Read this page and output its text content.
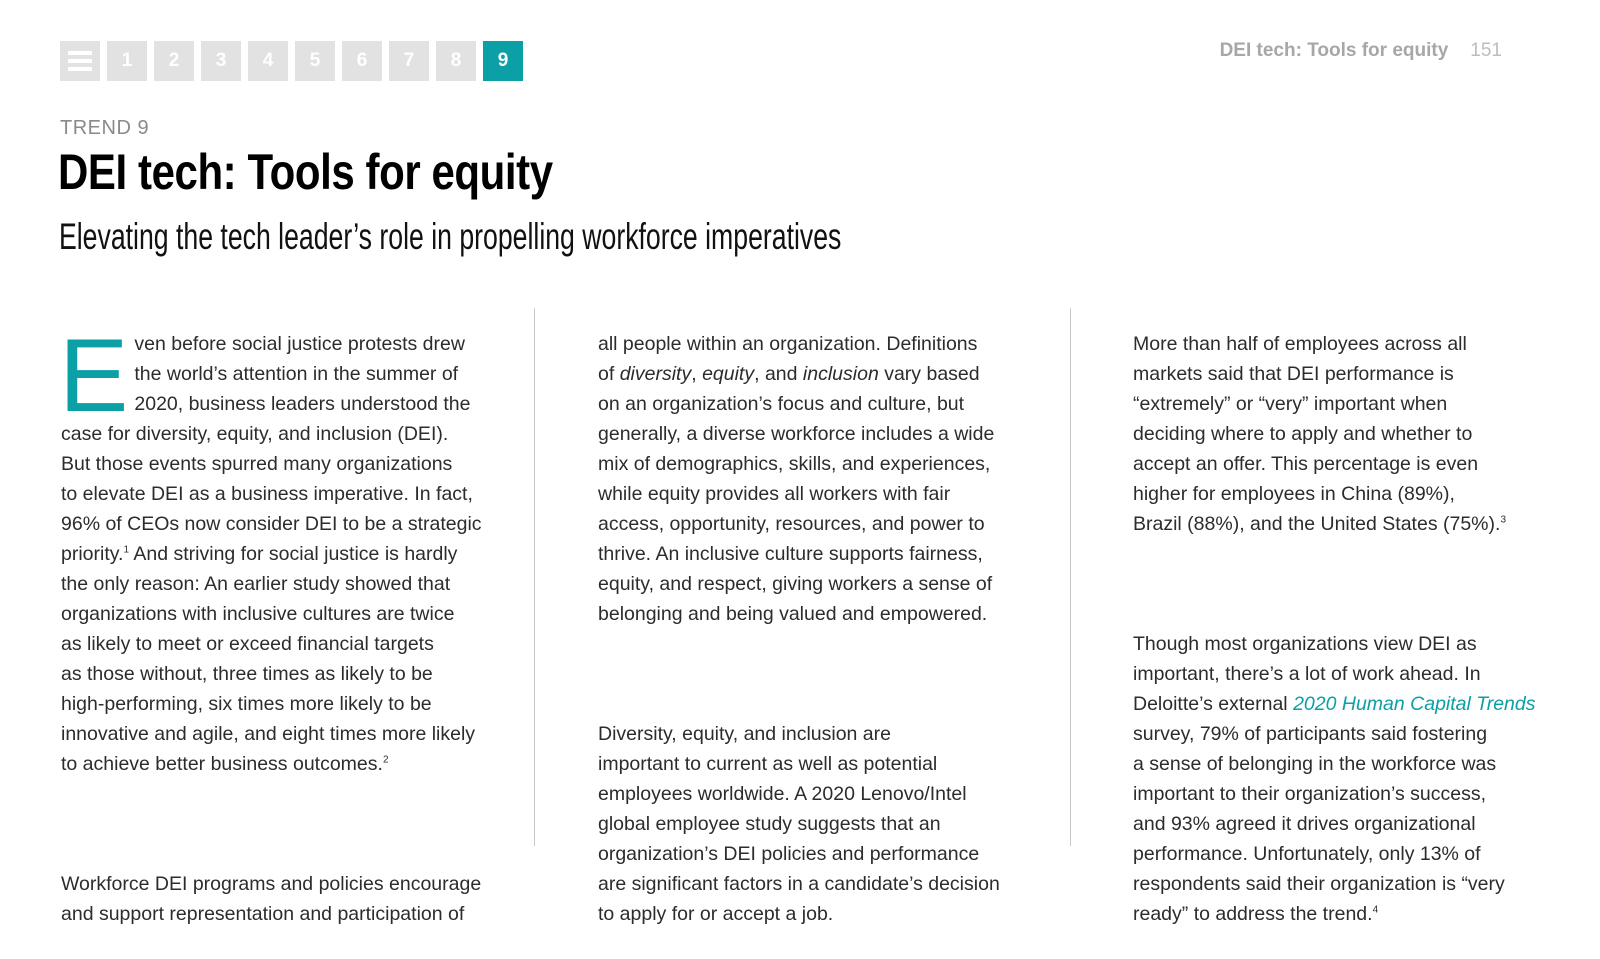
1	2	3	4	5	6	7	8	9	DEI tech: Tools for equity 151
TREND 9
DEI tech: Tools for equity
Elevating the tech leader’s role in propelling workforce imperatives

E ven before social justice protests drew
the world’s attention in the summer of
2020, business leaders understood the
case for diversity, equity, and inclusion (DEI).
But those events spurred many organizations
to elevate DEI as a business imperative. In fact,
96% of CEOs now consider DEI to be a strategic
priority.$^1$ And striving for social justice is hardly
the only reason: An earlier study showed that
organizations with inclusive cultures are twice
as likely to meet or exceed financial targets
as those without, three times as likely to be
high-performing, six times more likely to be
innovative and agile, and eight times more likely
to achieve better business outcomes.$^2$

Workforce DEI programs and policies encourage
and support representation and participation of

all people within an organization. Definitions
of diversity, equity, and inclusion vary based
on an organization’s focus and culture, but
generally, a diverse workforce includes a wide
mix of demographics, skills, and experiences,
while equity provides all workers with fair
access, opportunity, resources, and power to
thrive. An inclusive culture supports fairness,
equity, and respect, giving workers a sense of
belonging and being valued and empowered.

Diversity, equity, and inclusion are
important to current as well as potential
employees worldwide. A 2020 Lenovo/Intel
global employee study suggests that an
organization’s DEI policies and performance
are significant factors in a candidate’s decision
to apply for or accept a job.

More than half of employees across all
markets said that DEI performance is
“extremely” or “very” important when
deciding where to apply and whether to
accept an offer. This percentage is even
higher for employees in China (89%),
Brazil (88%), and the United States (75%).$^3$

Though most organizations view DEI as
important, there’s a lot of work ahead. In
Deloitte’s external 2020 Human Capital Trends
survey, 79% of participants said fostering
a sense of belonging in the workforce was
important to their organization’s success,
and 93% agreed it drives organizational
performance. Unfortunately, only 13% of
respondents said their organization is “very
ready” to address the trend.$^4$
